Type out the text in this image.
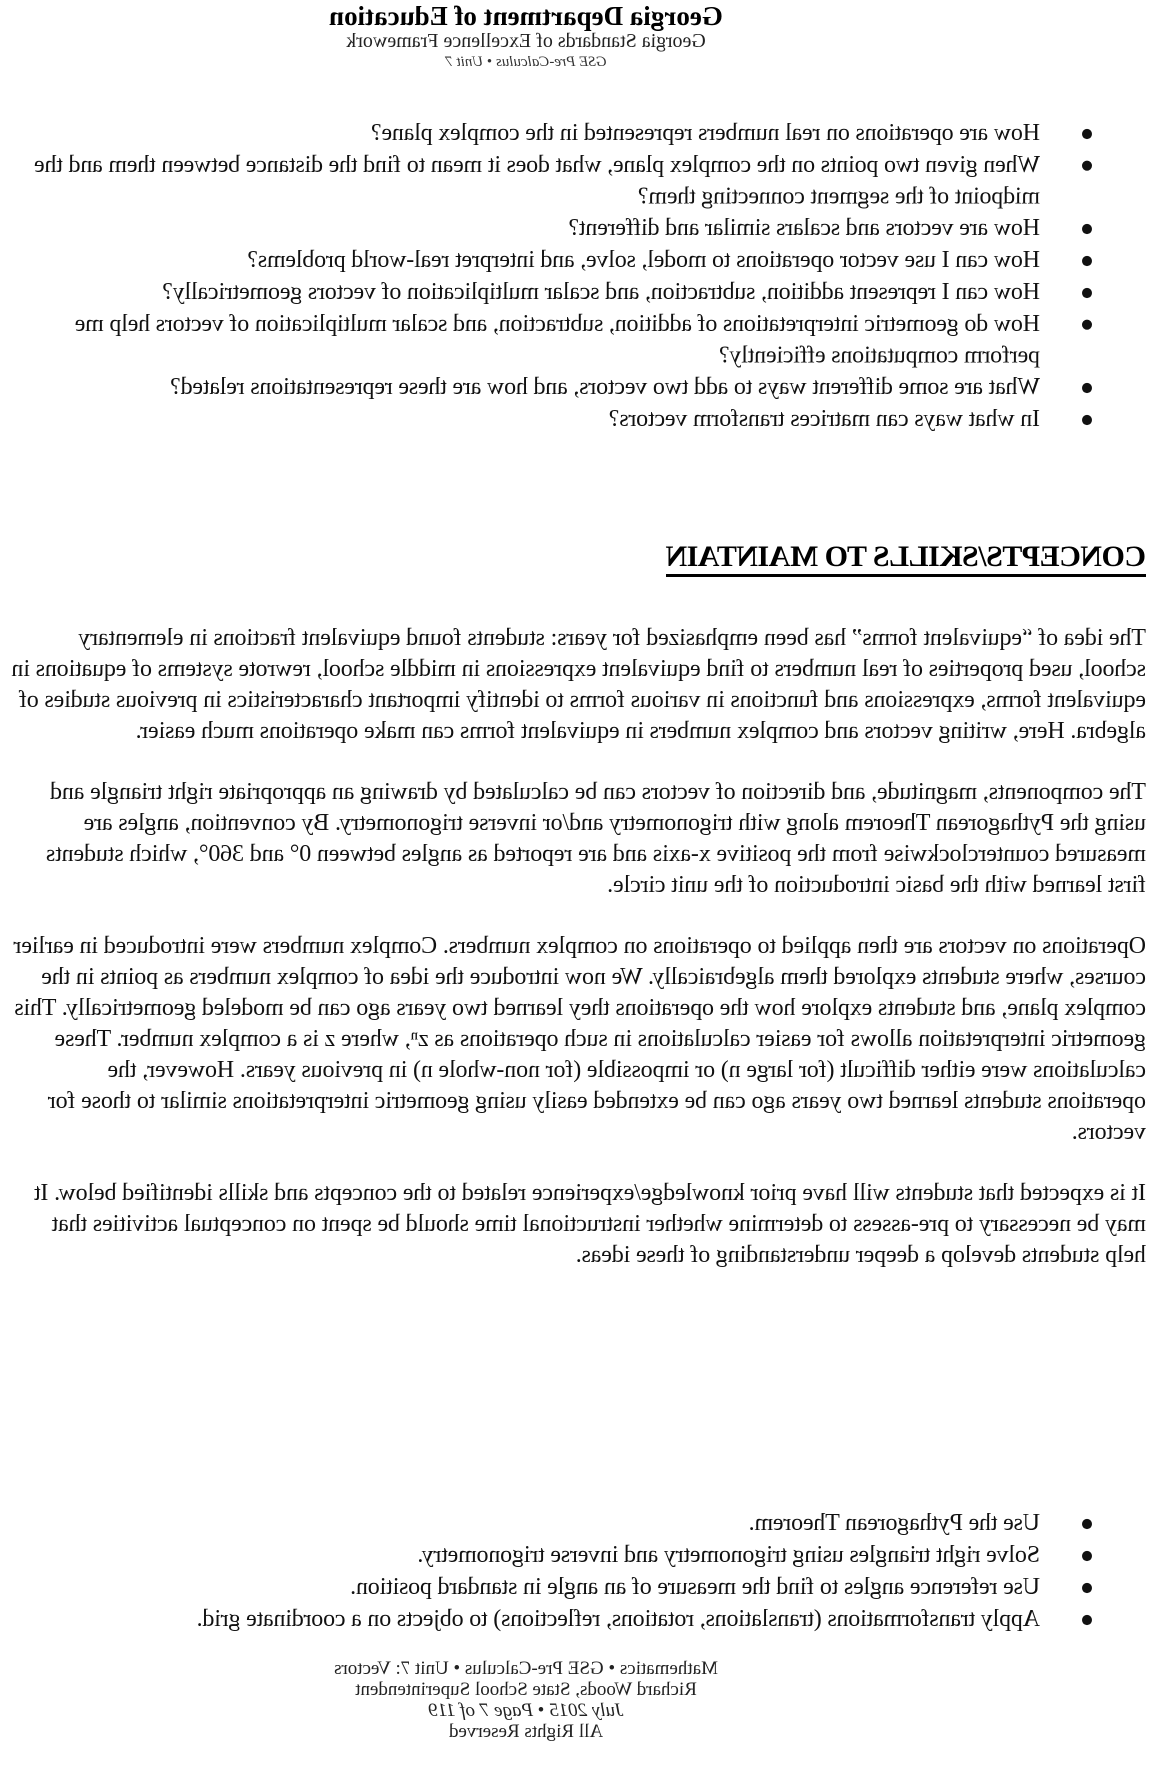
Georgia Department of Education
Georgia Standards of Excellence Framework
GSE Pre-Calculus • Unit 7
How are operations on real numbers represented in the complex plane?
When given two points on the complex plane, what does it mean to find the distance between them and the midpoint of the segment connecting them?
How are vectors and scalars similar and different?
How can I use vector operations to model, solve, and interpret real-world problems?
How can I represent addition, subtraction, and scalar multiplication of vectors geometrically?
How do geometric interpretations of addition, subtraction, and scalar multiplication of vectors help me perform computations efficiently?
What are some different ways to add two vectors, and how are these representations related?
In what ways can matrices transform vectors?
CONCEPTS/SKILLS TO MAINTAIN

The idea of “equivalent forms” has been emphasized for years: students found equivalent fractions in elementary school, used properties of real numbers to find equivalent expressions in middle school, rewrote systems of equations in equivalent forms, expressions and functions in various forms to identify important characteristics in previous studies of algebra. Here, writing vectors and complex numbers in equivalent forms can make operations much easier.

The components, magnitude, and direction of vectors can be calculated by drawing an appropriate right triangle and using the Pythagorean Theorem along with trigonometry and/or inverse trigonometry. By convention, angles are measured counterclockwise from the positive x-axis and are reported as angles between 0° and 360°, which students first learned with the basic introduction of the unit circle.

Operations on vectors are then applied to operations on complex numbers. Complex numbers were introduced in earlier courses, where students explored them algebraically. We now introduce the idea of complex numbers as points in the complex plane, and students explore how the operations they learned two years ago can be modeled geometrically. This geometric interpretation allows for easier calculations in such operations as zⁿ, where z is a complex number. These calculations were either difficult (for large n) or impossible (for non-whole n) in previous years. However, the operations students learned two years ago can be extended easily using geometric interpretations similar to those for vectors.

It is expected that students will have prior knowledge/experience related to the concepts and skills identified below. It may be necessary to pre-assess to determine whether instructional time should be spent on conceptual activities that help students develop a deeper understanding of these ideas.

Use the Pythagorean Theorem.
Solve right triangles using trigonometry and inverse trigonometry.
Use reference angles to find the measure of an angle in standard position.
Apply transformations (translations, rotations, reflections) to objects on a coordinate grid.
Mathematics • GSE Pre-Calculus • Unit 7: Vectors
Richard Woods, State School Superintendent
July 2015 • Page 7 of 119
All Rights Reserved
